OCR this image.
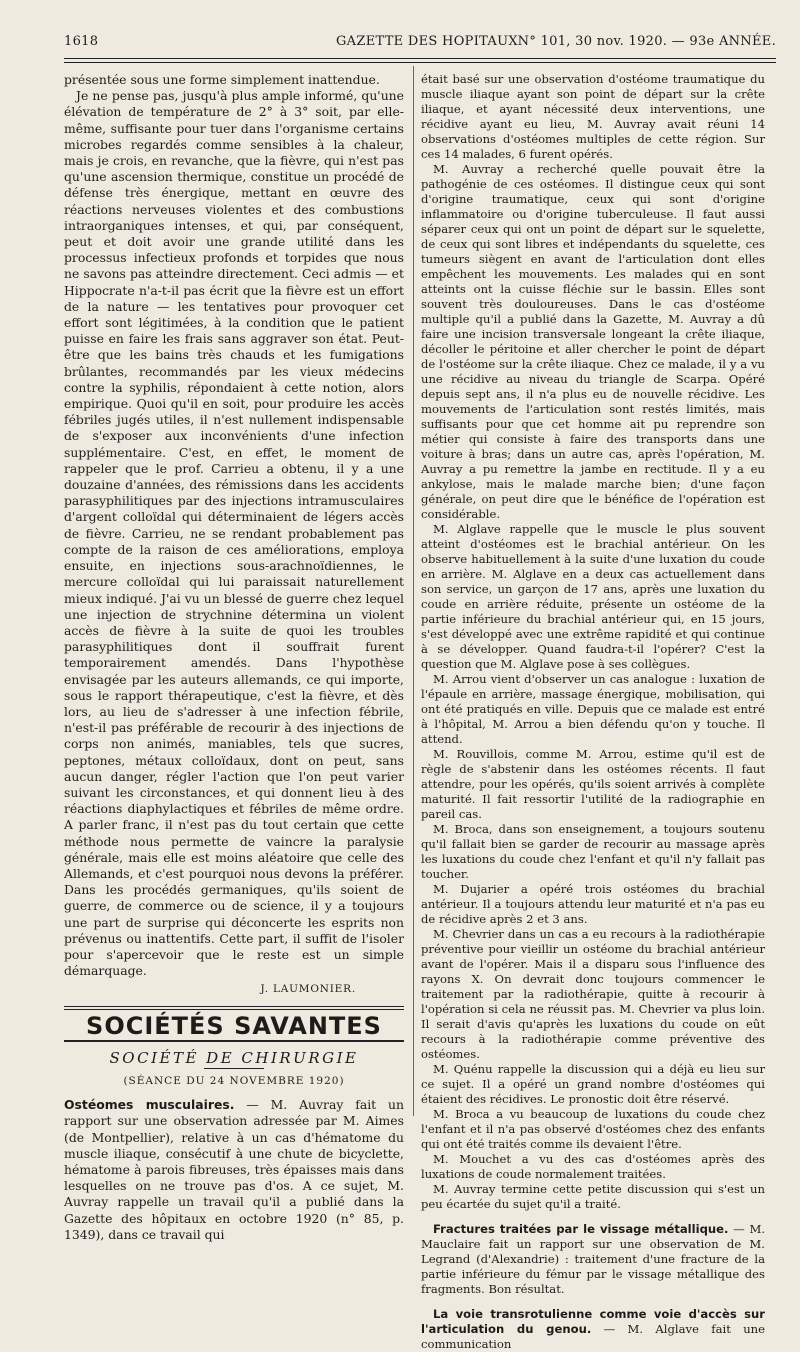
1618	GAZETTE DES HOPITAUX N° 101, 30 nov. 1920. — 93e ANNÉE.

présentée sous une forme simplement inattendue.

Je ne pense pas, jusqu'à plus ample informé, qu'une élévation de température de 2° à 3° soit, par elle-même, suffisante pour tuer dans l'organisme certains microbes regardés comme sensibles à la chaleur, mais je crois, en revanche, que la fièvre, qui n'est pas qu'une ascension thermique, constitue un procédé de défense très énergique, mettant en œuvre des réactions nerveuses violentes et des combustions intraorganiques intenses, et qui, par conséquent, peut et doit avoir une grande utilité dans les processus infectieux profonds et torpides que nous ne savons pas atteindre directement. Ceci admis — et Hippocrate n'a-t-il pas écrit que la fièvre est un effort de la nature — les tentatives pour provoquer cet effort sont légitimées, à la condition que le patient puisse en faire les frais sans aggraver son état. Peut-être que les bains très chauds et les fumigations brûlantes, recommandés par les vieux médecins contre la syphilis, répondaient à cette notion, alors empirique. Quoi qu'il en soit, pour produire les accès fébriles jugés utiles, il n'est nullement indispensable de s'exposer aux inconvénients d'une infection supplémentaire. C'est, en effet, le moment de rappeler que le prof. Carrieu a obtenu, il y a une douzaine d'années, des rémissions dans les accidents parasyphilitiques par des injections intramusculaires d'argent colloïdal qui déterminaient de légers accès de fièvre. Carrieu, ne se rendant probablement pas compte de la raison de ces améliorations, employa ensuite, en injections sous-arachnoïdiennes, le mercure colloïdal qui lui paraissait naturellement mieux indiqué. J'ai vu un blessé de guerre chez lequel une injection de strychnine détermina un violent accès de fièvre à la suite de quoi les troubles parasyphilitiques dont il souffrait furent temporairement amendés. Dans l'hypothèse envisagée par les auteurs allemands, ce qui importe, sous le rapport thérapeutique, c'est la fièvre, et dès lors, au lieu de s'adresser à une infection fébrile, n'est-il pas préférable de recourir à des injections de corps non animés, maniables, tels que sucres, peptones, métaux colloïdaux, dont on peut, sans aucun danger, régler l'action que l'on peut varier suivant les circonstances, et qui donnent lieu à des réactions diaphylactiques et fébriles de même ordre. A parler franc, il n'est pas du tout certain que cette méthode nous permette de vaincre la paralysie générale, mais elle est moins aléatoire que celle des Allemands, et c'est pourquoi nous devons la préférer. Dans les procédés germaniques, qu'ils soient de guerre, de commerce ou de science, il y a toujours une part de surprise qui déconcerte les esprits non prévenus ou inattentifs. Cette part, il suffit de l'isoler pour s'apercevoir que le reste est un simple démarquage.

J. LAUMONIER.

SOCIÉTÉS SAVANTES
SOCIÉTÉ DE CHIRURGIE
(SÉANCE DU 24 NOVEMBRE 1920)

Ostéomes musculaires. — M. Auvray fait un rapport sur une observation adressée par M. Aimes (de Montpellier), relative à un cas d'hématome du muscle iliaque, consécutif à une chute de bicyclette, hématome à parois fibreuses, très épaisses mais dans lesquelles on ne trouve pas d'os. A ce sujet, M. Auvray rappelle un travail qu'il a publié dans la Gazette des hôpitaux en octobre 1920 (n° 85, p. 1349), dans ce travail qui

était basé sur une observation d'ostéome traumatique du muscle iliaque ayant son point de départ sur la crête iliaque, et ayant nécessité deux interventions, une récidive ayant eu lieu, M. Auvray avait réuni 14 observations d'ostéomes multiples de cette région. Sur ces 14 malades, 6 furent opérés.

M. Auvray a recherché quelle pouvait être la pathogénie de ces ostéomes. Il distingue ceux qui sont d'origine traumatique, ceux qui sont d'origine inflammatoire ou d'origine tuberculeuse. Il faut aussi séparer ceux qui ont un point de départ sur le squelette, de ceux qui sont libres et indépendants du squelette, ces tumeurs siègent en avant de l'articulation dont elles empêchent les mouvements. Les malades qui en sont atteints ont la cuisse fléchie sur le bassin. Elles sont souvent très douloureuses. Dans le cas d'ostéome multiple qu'il a publié dans la Gazette, M. Auvray a dû faire une incision transversale longeant la crête iliaque, décoller le péritoine et aller chercher le point de départ de l'ostéome sur la crête iliaque. Chez ce malade, il y a vu une récidive au niveau du triangle de Scarpa. Opéré depuis sept ans, il n'a plus eu de nouvelle récidive. Les mouvements de l'articulation sont restés limités, mais suffisants pour que cet homme ait pu reprendre son métier qui consiste à faire des transports dans une voiture à bras; dans un autre cas, après l'opération, M. Auvray a pu remettre la jambe en rectitude. Il y a eu ankylose, mais le malade marche bien; d'une façon générale, on peut dire que le bénéfice de l'opération est considérable.

M. Alglave rappelle que le muscle le plus souvent atteint d'ostéomes est le brachial antérieur. On les observe habituellement à la suite d'une luxation du coude en arrière. M. Alglave en a deux cas actuellement dans son service, un garçon de 17 ans, après une luxation du coude en arrière réduite, présente un ostéome de la partie inférieure du brachial antérieur qui, en 15 jours, s'est développé avec une extrême rapidité et qui continue à se développer. Quand faudra-t-il l'opérer? C'est la question que M. Alglave pose à ses collègues.

M. Arrou vient d'observer un cas analogue : luxation de l'épaule en arrière, massage énergique, mobilisation, qui ont été pratiqués en ville. Depuis que ce malade est entré à l'hôpital, M. Arrou a bien défendu qu'on y touche. Il attend.

M. Rouvillois, comme M. Arrou, estime qu'il est de règle de s'abstenir dans les ostéomes récents. Il faut attendre, pour les opérés, qu'ils soient arrivés à complète maturité. Il fait ressortir l'utilité de la radiographie en pareil cas.

M. Broca, dans son enseignement, a toujours soutenu qu'il fallait bien se garder de recourir au massage après les luxations du coude chez l'enfant et qu'il n'y fallait pas toucher.

M. Dujarier a opéré trois ostéomes du brachial antérieur. Il a toujours attendu leur maturité et n'a pas eu de récidive après 2 et 3 ans.

M. Chevrier dans un cas a eu recours à la radiothérapie préventive pour vieillir un ostéome du brachial antérieur avant de l'opérer. Mais il a disparu sous l'influence des rayons X. On devrait donc toujours commencer le traitement par la radiothérapie, quitte à recourir à l'opération si cela ne réussit pas. M. Chevrier va plus loin. Il serait d'avis qu'après les luxations du coude on eût recours à la radiothérapie comme préventive des ostéomes.

M. Quénu rappelle la discussion qui a déjà eu lieu sur ce sujet. Il a opéré un grand nombre d'ostéomes qui étaient des récidives. Le pronostic doit être réservé.

M. Broca a vu beaucoup de luxations du coude chez l'enfant et il n'a pas observé d'ostéomes chez des enfants qui ont été traités comme ils devaient l'être.

M. Mouchet a vu des cas d'ostéomes après des luxations de coude normalement traitées.

M. Auvray termine cette petite discussion qui s'est un peu écartée du sujet qu'il a traité.

Fractures traitées par le vissage métallique. — M. Mauclaire fait un rapport sur une observation de M. Legrand (d'Alexandrie) : traitement d'une fracture de la partie inférieure du fémur par le vissage métallique des fragments. Bon résultat.

La voie transrotulienne comme voie d'accès sur l'articulation du genou. — M. Alglave fait une communication
